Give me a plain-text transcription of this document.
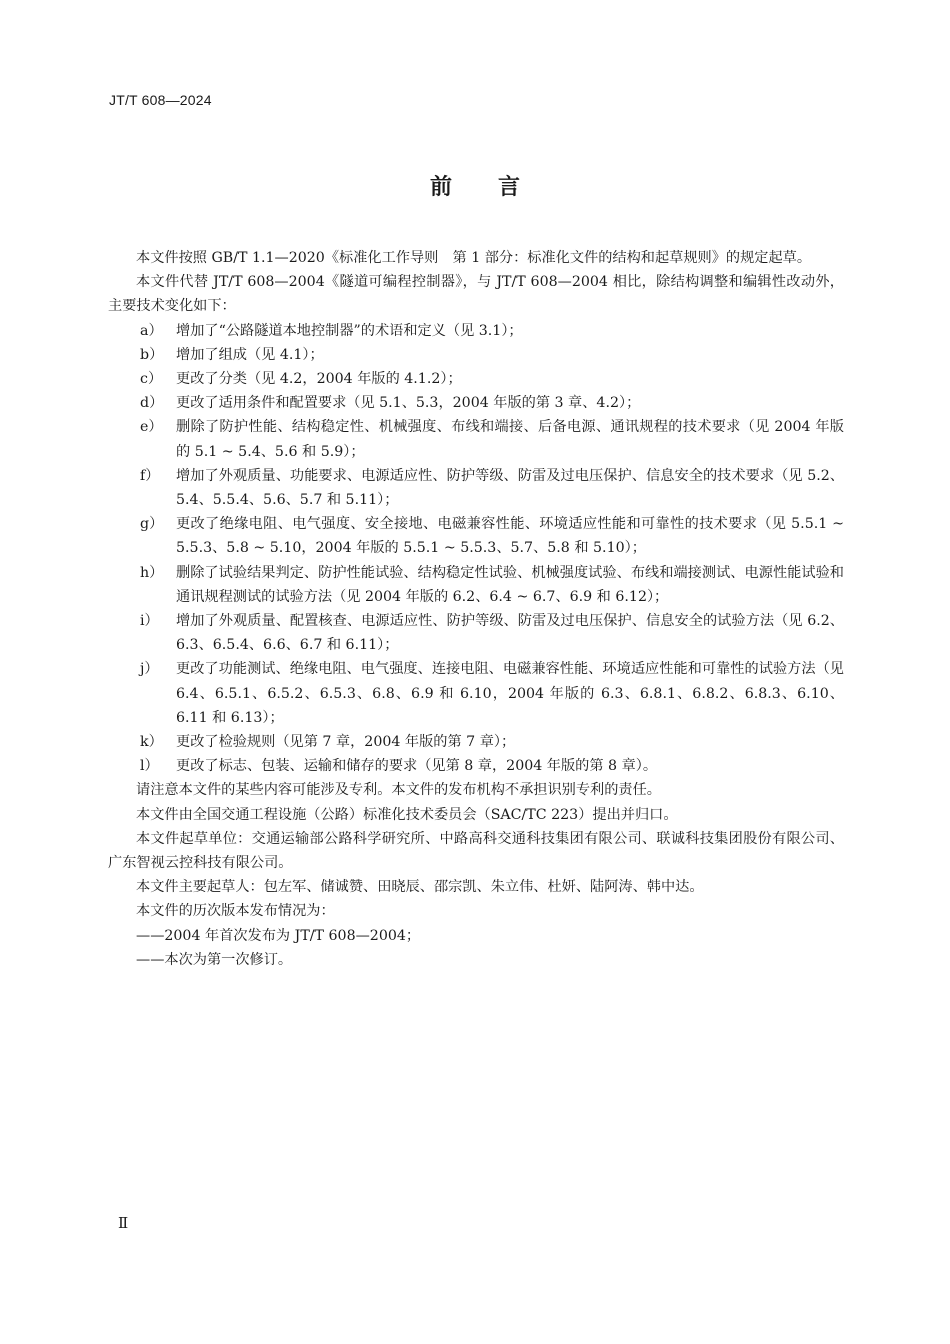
JT/T 608—2024
前 言
本文件按照 GB/T 1.1—2020《标准化工作导则　第 1 部分：标准化文件的结构和起草规则》的规定起草。
本文件代替 JT/T 608—2004《隧道可编程控制器》，与 JT/T 608—2004 相比，除结构调整和编辑性改动外，主要技术变化如下：
a） 增加了“公路隧道本地控制器”的术语和定义（见 3.1）；
b） 增加了组成（见 4.1）；
c） 更改了分类（见 4.2，2004 年版的 4.1.2）；
d） 更改了适用条件和配置要求（见 5.1、5.3，2004 年版的第 3 章、4.2）；
e） 删除了防护性能、结构稳定性、机械强度、布线和端接、后备电源、通讯规程的技术要求（见 2004 年版的 5.1 ~ 5.4、5.6 和 5.9）；
f）	增加了外观质量、功能要求、电源适应性、防护等级、防雷及过电压保护、信息安全的技术要求（见 5.2、5.4、5.5.4、5.6、5.7 和 5.11）；
g） 更改了绝缘电阻、电气强度、安全接地、电磁兼容性能、环境适应性能和可靠性的技术要求（见 5.5.1 ~ 5.5.3、5.8 ~ 5.10，2004 年版的 5.5.1 ~ 5.5.3、5.7、5.8 和 5.10）；
h） 删除了试验结果判定、防护性能试验、结构稳定性试验、机械强度试验、布线和端接测试、电源性能试验和通讯规程测试的试验方法（见 2004 年版的 6.2、6.4 ~ 6.7、6.9 和 6.12）；
i）	增加了外观质量、配置核查、电源适应性、防护等级、防雷及过电压保护、信息安全的试验方法（见 6.2、6.3、6.5.4、6.6、6.7 和 6.11）；
j）	更改了功能测试、绝缘电阻、电气强度、连接电阻、电磁兼容性能、环境适应性能和可靠性的试验方法（见 6.4、6.5.1、6.5.2、6.5.3、6.8、6.9 和 6.10，2004 年版的 6.3、6.8.1、6.8.2、6.8.3、6.10、6.11 和 6.13）；
k） 更改了检验规则（见第 7 章，2004 年版的第 7 章）；
l）	更改了标志、包装、运输和储存的要求（见第 8 章，2004 年版的第 8 章）。
请注意本文件的某些内容可能涉及专利。本文件的发布机构不承担识别专利的责任。
本文件由全国交通工程设施（公路）标准化技术委员会（SAC/TC 223）提出并归口。
本文件起草单位：交通运输部公路科学研究所、中路高科交通科技集团有限公司、联诚科技集团股份有限公司、广东智视云控科技有限公司。
本文件主要起草人：包左军、储诚赞、田晓辰、邵宗凯、朱立伟、杜妍、陆阿涛、韩中达。
本文件的历次版本发布情况为：
——2004 年首次发布为 JT/T 608—2004；
——本次为第一次修订。
Ⅱ
